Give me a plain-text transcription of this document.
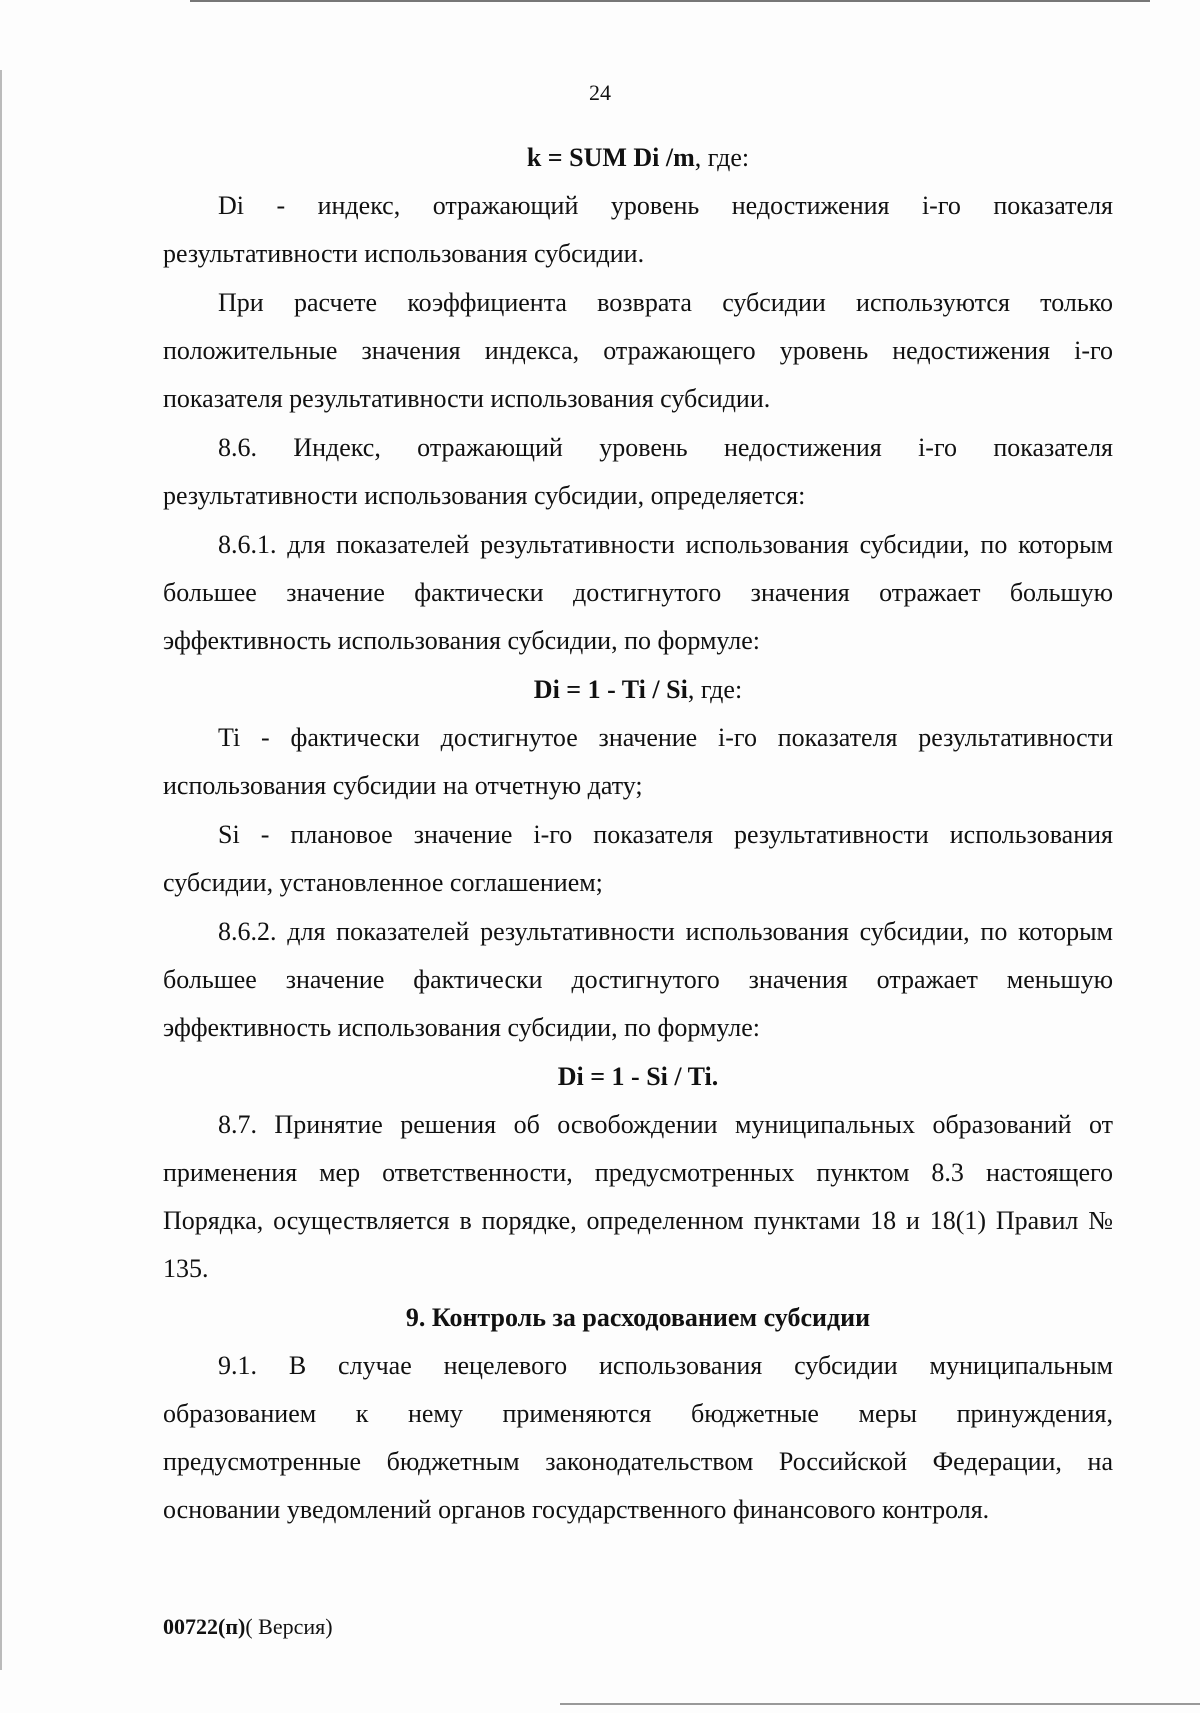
24

k = SUM Di /m, где:

Di - индекс, отражающий уровень недостижения i-го показателя результативности использования субсидии.

При расчете коэффициента возврата субсидии используются только положительные значения индекса, отражающего уровень недостижения i-го показателя результативности использования субсидии.

8.6. Индекс, отражающий уровень недостижения i-го показателя результативности использования субсидии, определяется:

8.6.1. для показателей результативности использования субсидии, по которым большее значение фактически достигнутого значения отражает большую эффективность использования субсидии, по формуле:

Di = 1 - Ti / Si, где:

Ti - фактически достигнутое значение i-го показателя результативности использования субсидии на отчетную дату;

Si - плановое значение i-го показателя результативности использования субсидии, установленное соглашением;

8.6.2. для показателей результативности использования субсидии, по которым большее значение фактически достигнутого значения отражает меньшую эффективность использования субсидии, по формуле:

Di = 1 - Si / Ti.

8.7. Принятие решения об освобождении муниципальных образований от применения мер ответственности, предусмотренных пунктом 8.3 настоящего Порядка, осуществляется в порядке, определенном пунктами 18 и 18(1) Правил № 135.

9. Контроль за расходованием субсидии

9.1. В случае нецелевого использования субсидии муниципальным образованием к нему применяются бюджетные меры принуждения, предусмотренные бюджетным законодательством Российской Федерации, на основании уведомлений органов государственного финансового контроля.

00722(п)( Версия)
